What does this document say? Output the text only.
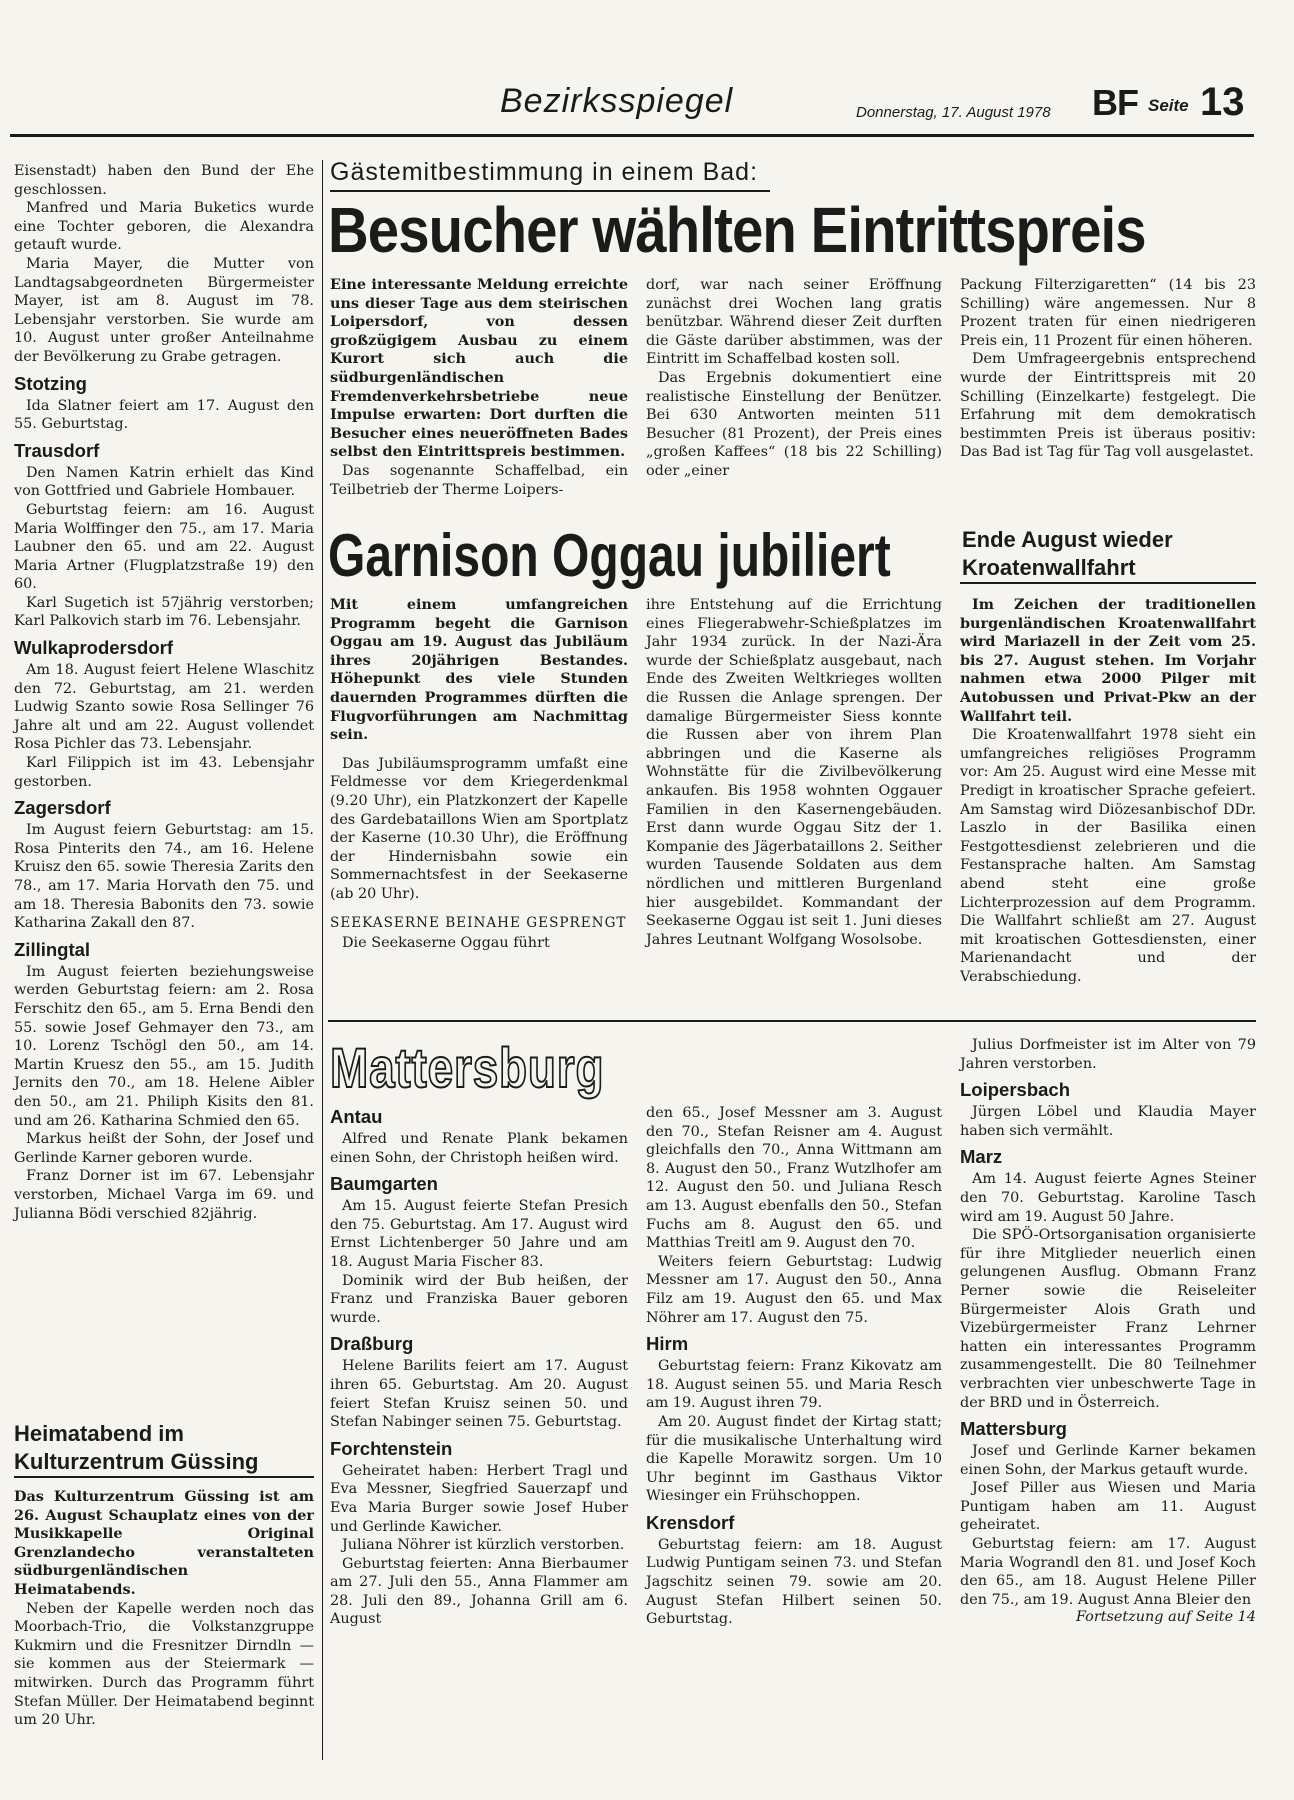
Bezirksspiegel	Donnerstag, 17. August 1978 BF Seite 13

Eisenstadt) haben den Bund der Ehe geschlossen.

Manfred und Maria Buketics wurde eine Tochter geboren, die Alexandra getauft wurde.

Maria Mayer, die Mutter von Landtagsabgeordneten Bürgermeister Mayer, ist am 8. August im 78. Lebensjahr verstorben. Sie wurde am 10. August unter großer Anteilnahme der Bevölkerung zu Grabe getragen.

Stotzing

Ida Slatner feiert am 17. August den 55. Geburtstag.

Trausdorf

Den Namen Katrin erhielt das Kind von Gottfried und Gabriele Hombauer.

Geburtstag feiern: am 16. August Maria Wolffinger den 75., am 17. Maria Laubner den 65. und am 22. August Maria Artner (Flugplatzstraße 19) den 60.

Karl Sugetich ist 57jährig verstorben; Karl Palkovich starb im 76. Lebensjahr.

Wulkaprodersdorf

Am 18. August feiert Helene Wlaschitz den 72. Geburtstag, am 21. werden Ludwig Szanto sowie Rosa Sellinger 76 Jahre alt und am 22. August vollendet Rosa Pichler das 73. Lebensjahr.

Karl Filippich ist im 43. Lebensjahr gestorben.

Zagersdorf

Im August feiern Geburtstag: am 15. Rosa Pinterits den 74., am 16. Helene Kruisz den 65. sowie Theresia Zarits den 78., am 17. Maria Horvath den 75. und am 18. Theresia Babonits den 73. sowie Katharina Zakall den 87.

Zillingtal

Im August feierten beziehungsweise werden Geburtstag feiern: am 2. Rosa Ferschitz den 65., am 5. Erna Bendi den 55. sowie Josef Gehmayer den 73., am 10. Lorenz Tschögl den 50., am 14. Martin Kruesz den 55., am 15. Judith Jernits den 70., am 18. Helene Aibler den 50., am 21. Philiph Kisits den 81. und am 26. Katharina Schmied den 65.

Markus heißt der Sohn, der Josef und Gerlinde Karner geboren wurde.

Franz Dorner ist im 67. Lebensjahr verstorben, Michael Varga im 69. und Julianna Bödi verschied 82jährig.

Heimatabend im
Kulturzentrum Güssing

Das Kulturzentrum Güssing ist am 26. August Schauplatz eines von der Musikkapelle Original Grenzlandecho veranstalteten südburgenländischen Heimatabends.

Neben der Kapelle werden noch das Moorbach-Trio, die Volkstanzgruppe Kukmirn und die Fresnitzer Dirndln — sie kommen aus der Steiermark — mitwirken. Durch das Programm führt Stefan Müller. Der Heimatabend beginnt um 20 Uhr.

Gästemitbestimmung in einem Bad:
Besucher wählten Eintrittspreis

Eine interessante Meldung erreichte uns dieser Tage aus dem steirischen Loipersdorf, von dessen großzügigem Ausbau zu einem Kurort sich auch die südburgenländischen Fremdenverkehrsbetriebe neue Impulse erwarten: Dort durften die Besucher eines neueröffneten Bades selbst den Eintrittspreis bestimmen.

Das sogenannte Schaffelbad, ein Teilbetrieb der Therme Loipers-

dorf, war nach seiner Eröffnung zunächst drei Wochen lang gratis benützbar. Während dieser Zeit durften die Gäste darüber abstimmen, was der Eintritt im Schaffelbad kosten soll.

Das Ergebnis dokumentiert eine realistische Einstellung der Benützer. Bei 630 Antworten meinten 511 Besucher (81 Prozent), der Preis eines „großen Kaffees“ (18 bis 22 Schilling) oder „einer

Packung Filterzigaretten“ (14 bis 23 Schilling) wäre angemessen. Nur 8 Prozent traten für einen niedrigeren Preis ein, 11 Prozent für einen höheren.

Dem Umfrageergebnis entsprechend wurde der Eintrittspreis mit 20 Schilling (Einzelkarte) festgelegt. Die Erfahrung mit dem demokratisch bestimmten Preis ist überaus positiv: Das Bad ist Tag für Tag voll ausgelastet.

Garnison Oggau jubiliert

Mit einem umfangreichen Programm begeht die Garnison Oggau am 19. August das Jubiläum ihres 20jährigen Bestandes. Höhepunkt des viele Stunden dauernden Programmes dürften die Flugvorführungen am Nachmittag sein.

Das Jubiläumsprogramm umfaßt eine Feldmesse vor dem Kriegerdenkmal (9.20 Uhr), ein Platzkonzert der Kapelle des Gardebataillons Wien am Sportplatz der Kaserne (10.30 Uhr), die Eröffnung der Hindernisbahn sowie ein Sommernachtsfest in der Seekaserne (ab 20 Uhr).

SEEKASERNE BEINAHE GESPRENGT

Die Seekaserne Oggau führt

ihre Entstehung auf die Errichtung eines Fliegerabwehr-Schießplatzes im Jahr 1934 zurück. In der Nazi-Ära wurde der Schießplatz ausgebaut, nach Ende des Zweiten Weltkrieges wollten die Russen die Anlage sprengen. Der damalige Bürgermeister Siess konnte die Russen aber von ihrem Plan abbringen und die Kaserne als Wohnstätte für die Zivilbevölkerung ankaufen. Bis 1958 wohnten Oggauer Familien in den Kasernengebäuden. Erst dann wurde Oggau Sitz der 1. Kompanie des Jägerbataillons 2. Seither wurden Tausende Soldaten aus dem nördlichen und mittleren Burgenland hier ausgebildet. Kommandant der Seekaserne Oggau ist seit 1. Juni dieses Jahres Leutnant Wolfgang Wosolsobe.

Ende August wieder
Kroatenwallfahrt

Im Zeichen der traditionellen burgenländischen Kroatenwallfahrt wird Mariazell in der Zeit vom 25. bis 27. August stehen. Im Vorjahr nahmen etwa 2000 Pilger mit Autobussen und Privat-Pkw an der Wallfahrt teil.

Die Kroatenwallfahrt 1978 sieht ein umfangreiches religiöses Programm vor: Am 25. August wird eine Messe mit Predigt in kroatischer Sprache gefeiert. Am Samstag wird Diözesanbischof DDr. Laszlo in der Basilika einen Festgottesdienst zelebrieren und die Festansprache halten. Am Samstag abend steht eine große Lichterprozession auf dem Programm. Die Wallfahrt schließt am 27. August mit kroatischen Gottesdiensten, einer Marienandacht und der Verabschiedung.

Mattersburg
Antau

Alfred und Renate Plank bekamen einen Sohn, der Christoph heißen wird.

Baumgarten

Am 15. August feierte Stefan Presich den 75. Geburtstag. Am 17. August wird Ernst Lichtenberger 50 Jahre und am 18. August Maria Fischer 83.

Dominik wird der Bub heißen, der Franz und Franziska Bauer geboren wurde.

Draßburg

Helene Barilits feiert am 17. August ihren 65. Geburtstag. Am 20. August feiert Stefan Kruisz seinen 50. und Stefan Nabinger seinen 75. Geburtstag.

Forchtenstein

Geheiratet haben: Herbert Tragl und Eva Messner, Siegfried Sauerzapf und Eva Maria Burger sowie Josef Huber und Gerlinde Kawicher.

Juliana Nöhrer ist kürzlich verstorben.

Geburtstag feierten: Anna Bierbaumer am 27. Juli den 55., Anna Flammer am 28. Juli den 89., Johanna Grill am 6. August

den 65., Josef Messner am 3. August den 70., Stefan Reisner am 4. August gleichfalls den 70., Anna Wittmann am 8. August den 50., Franz Wutzlhofer am 12. August den 50. und Juliana Resch am 13. August ebenfalls den 50., Stefan Fuchs am 8. August den 65. und Matthias Treitl am 9. August den 70.

Weiters feiern Geburtstag: Ludwig Messner am 17. August den 50., Anna Filz am 19. August den 65. und Max Nöhrer am 17. August den 75.

Hirm

Geburtstag feiern: Franz Kikovatz am 18. August seinen 55. und Maria Resch am 19. August ihren 79.

Am 20. August findet der Kirtag statt; für die musikalische Unterhaltung wird die Kapelle Morawitz sorgen. Um 10 Uhr beginnt im Gasthaus Viktor Wiesinger ein Frühschoppen.

Krensdorf

Geburtstag feiern: am 18. August Ludwig Puntigam seinen 73. und Stefan Jagschitz seinen 79. sowie am 20. August Stefan Hilbert seinen 50. Geburtstag.

Julius Dorfmeister ist im Alter von 79 Jahren verstorben.

Loipersbach

Jürgen Löbel und Klaudia Mayer haben sich vermählt.

Marz

Am 14. August feierte Agnes Steiner den 70. Geburtstag. Karoline Tasch wird am 19. August 50 Jahre.

Die SPÖ-Ortsorganisation organisierte für ihre Mitglieder neuerlich einen gelungenen Ausflug. Obmann Franz Perner sowie die Reiseleiter Bürgermeister Alois Grath und Vizebürgermeister Franz Lehrner hatten ein interessantes Programm zusammengestellt. Die 80 Teilnehmer verbrachten vier unbeschwerte Tage in der BRD und in Österreich.

Mattersburg

Josef und Gerlinde Karner bekamen einen Sohn, der Markus getauft wurde.

Josef Piller aus Wiesen und Maria Puntigam haben am 11. August geheiratet.

Geburtstag feiern: am 17. August Maria Wograndl den 81. und Josef Koch den 65., am 18. August Helene Piller den 75., am 19. August Anna Bleier den

Fortsetzung auf Seite 14
